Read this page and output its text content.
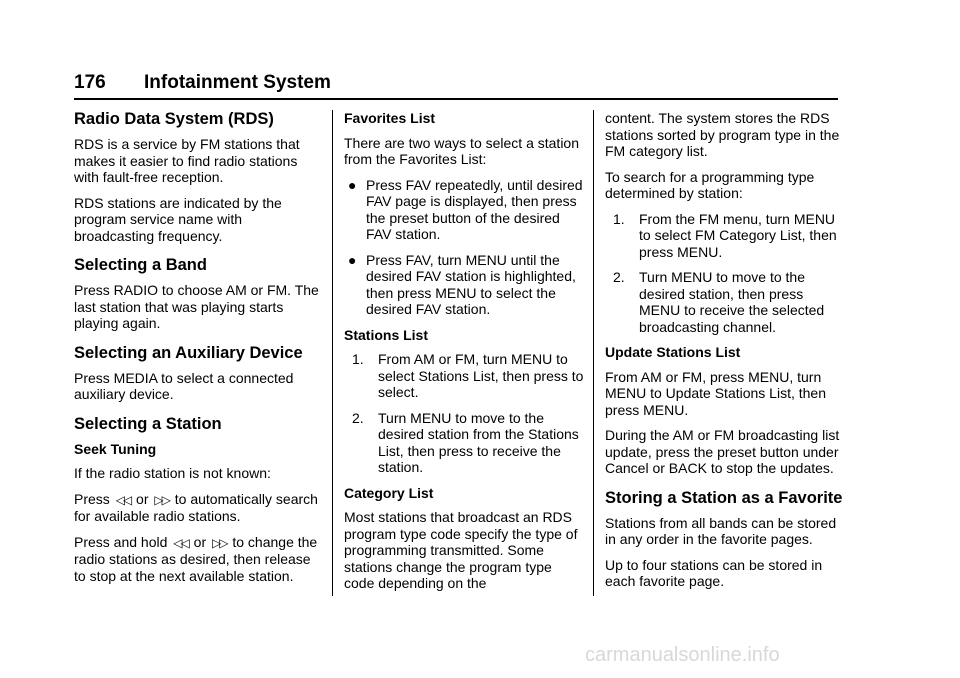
176 Infotainment System
Radio Data System (RDS)

RDS is a service by FM stations that makes it easier to find radio stations with fault-free reception.

RDS stations are indicated by the program service name with broadcasting frequency.

Selecting a Band

Press RADIO to choose AM or FM. The last station that was playing starts playing again.

Selecting an Auxiliary Device

Press MEDIA to select a connected auxiliary device.

Selecting a Station
Seek Tuning

If the radio station is not known:

Press ◁◁ or ▷▷ to automatically search for available radio stations.

Press and hold ◁◁ or ▷▷ to change the radio stations as desired, then release to stop at the next available station.

Favorites List

There are two ways to select a station from the Favorites List:

● Press FAV repeatedly, until desired FAV page is displayed, then press the preset button of the desired FAV station.
● Press FAV, turn MENU until the desired FAV station is highlighted, then press MENU to select the desired FAV station.
Stations List
1. From AM or FM, turn MENU to select Stations List, then press to select.
2. Turn MENU to move to the desired station from the Stations List, then press to receive the station.
Category List

Most stations that broadcast an RDS program type code specify the type of programming transmitted. Some stations change the program type code depending on the

content. The system stores the RDS stations sorted by program type in the FM category list.

To search for a programming type determined by station:

1. From the FM menu, turn MENU to select FM Category List, then press MENU.
2. Turn MENU to move to the desired station, then press MENU to receive the selected broadcasting channel.
Update Stations List

From AM or FM, press MENU, turn MENU to Update Stations List, then press MENU.

During the AM or FM broadcasting list update, press the preset button under Cancel or BACK to stop the updates.

Storing a Station as a Favorite

Stations from all bands can be stored in any order in the favorite pages.

Up to four stations can be stored in each favorite page.

carmanualsonline.info
